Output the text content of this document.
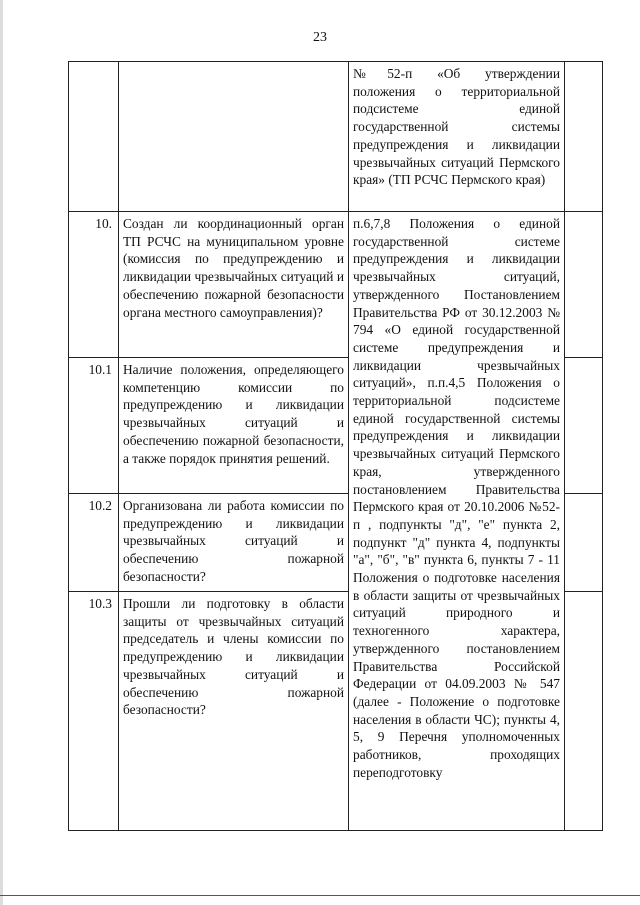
23
		№52-п «Об утверждении положения о территориальной подсистеме единой государственной системы предупреждения и ликвидации чрезвычайных ситуаций Пермского края» (ТП РСЧС Пермского края)	
10.	Создан ли координационный орган ТП РСЧС на муниципальном уровне (комиссия по предупреждению и ликвидации чрезвычайных ситуаций и обеспечению пожарной безопасности органа местного самоуправления)?	п.6,7,8 Положения о единой государственной системе предупреждения и ликвидации чрезвычайных ситуаций, утвержденного Постановлением Правительства РФ от 30.12.2003 № 794 «О единой государственной системе предупреждения и ликвидации чрезвычайных ситуаций», п.п.4,5 Положения о территориальной подсистеме единой государственной системы предупреждения и ликвидации чрезвычайных ситуаций Пермского края, утвержденного постановлением Правительства Пермского края от 20.10.2006 №52-п , подпункты "д", "е" пункта 2, подпункт "д" пункта 4, подпункты "а", "б", "в" пункта 6, пункты 7 - 11 Положения о подготовке населения в области защиты от чрезвычайных ситуаций природного и техногенного характера, утвержденного постановлением Правительства Российской Федерации от 04.09.2003 № 547 (далее - Положение о подготовке населения в области ЧС); пункты 4, 5, 9 Перечня уполномоченных работников, проходящих переподготовку	
10.1	Наличие положения, определяющего компетенцию комиссии по предупреждению и ликвидации чрезвычайных ситуаций и обеспечению пожарной безопасности, а также порядок принятия решений.		
10.2	Организована ли работа комиссии по предупреждению и ликвидации чрезвычайных ситуаций и обеспечению пожарной безопасности?		
10.3	Прошли ли подготовку в области защиты от чрезвычайных ситуаций председатель и члены комиссии по предупреждению и ликвидации чрезвычайных ситуаций и обеспечению пожарной безопасности?		
